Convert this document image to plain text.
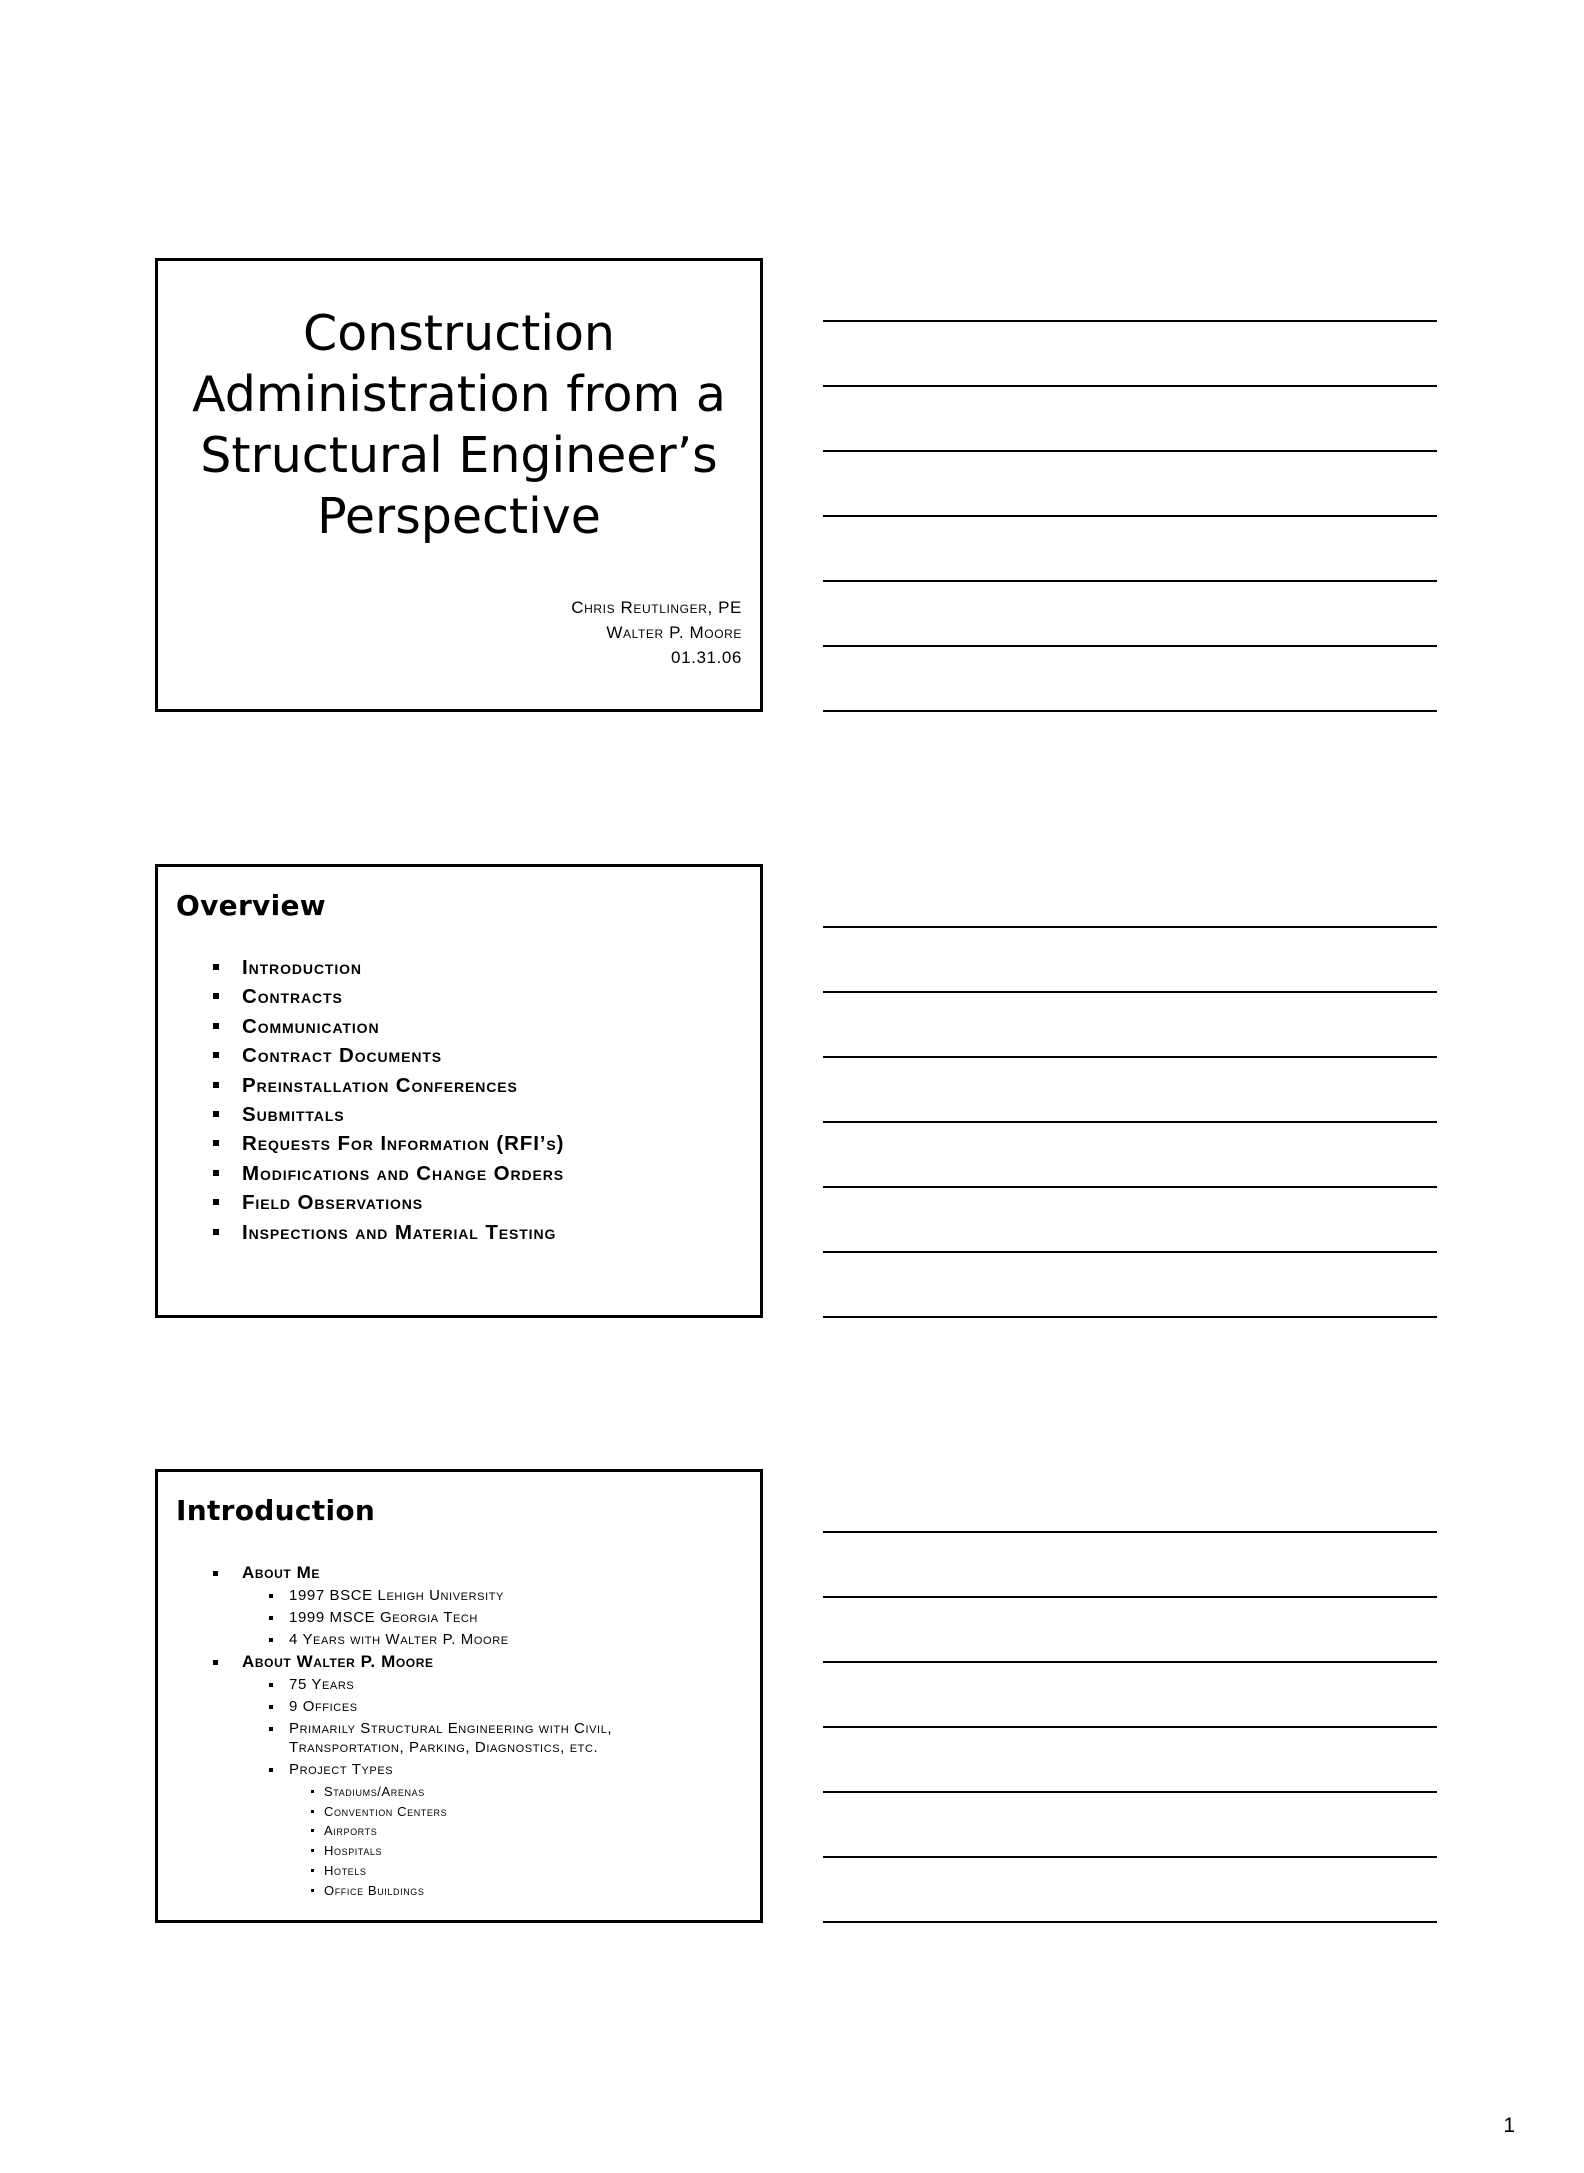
Construction
Administration from a
Structural Engineer’s
Perspective
Chris Reutlinger, PE
Walter P. Moore
01.31.06
Overview
Introduction
Contracts
Communication
Contract Documents
Preinstallation Conferences
Submittals
Requests For Information (RFI’s)
Modifications and Change Orders
Field Observations
Inspections and Material Testing
Introduction
About Me
1997 BSCE Lehigh University
1999 MSCE Georgia Tech
4 Years with Walter P. Moore
About Walter P. Moore
75 Years
9 Offices
Primarily Structural Engineering with Civil, Transportation, Parking, Diagnostics, etc.
Project Types
Stadiums/Arenas
Convention Centers
Airports
Hospitals
Hotels
Office Buildings
1
